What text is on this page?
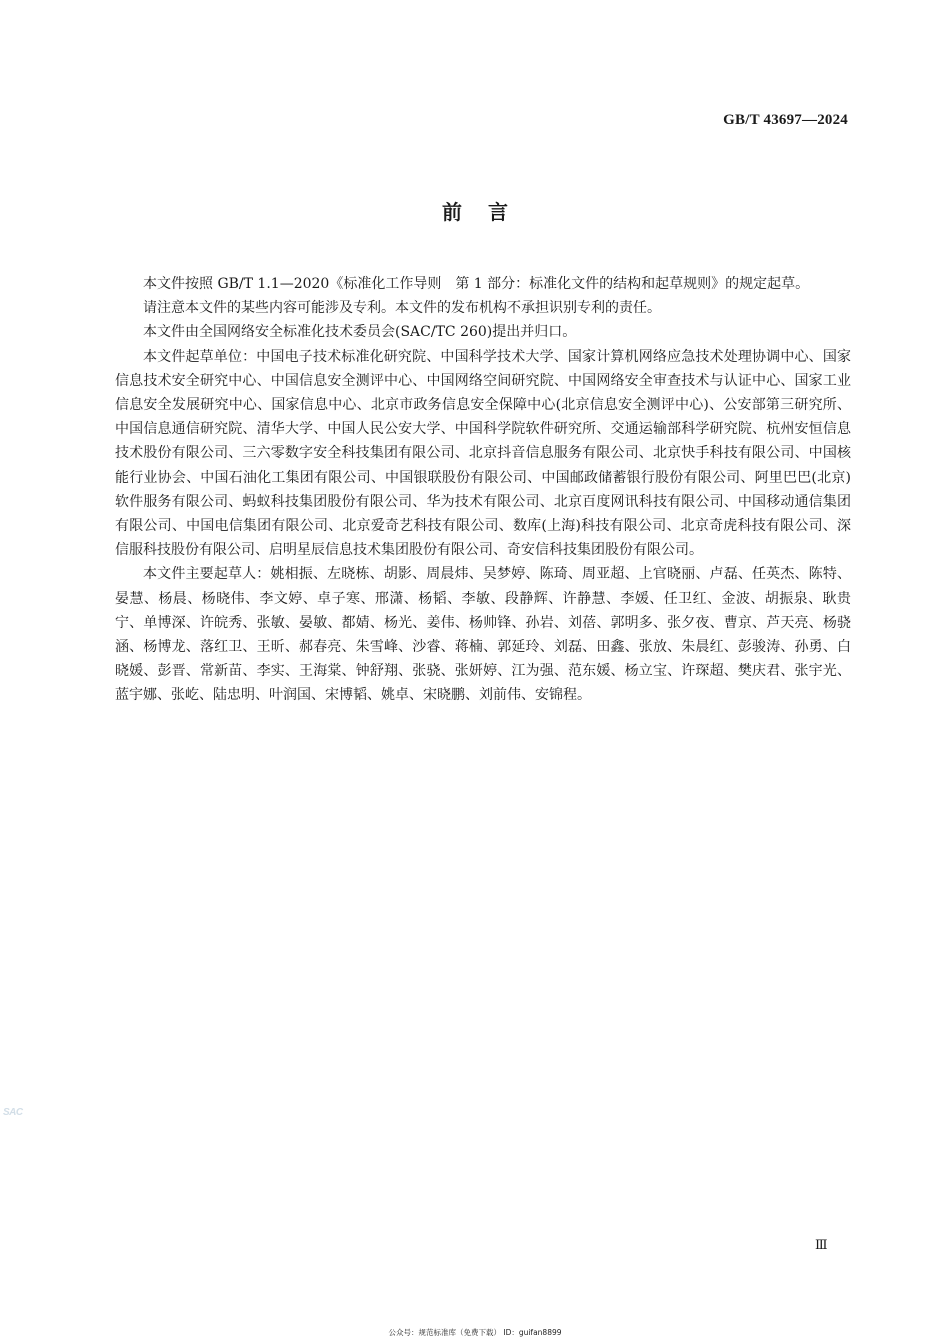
GB/T 43697—2024
前言

本文件按照 GB/T 1.1—2020《标准化工作导则　第 1 部分：标准化文件的结构和起草规则》的规定起草。

请注意本文件的某些内容可能涉及专利。本文件的发布机构不承担识别专利的责任。

本文件由全国网络安全标准化技术委员会(SAC/TC 260)提出并归口。

本文件起草单位：中国电子技术标准化研究院、中国科学技术大学、国家计算机网络应急技术处理协调中心、国家信息技术安全研究中心、中国信息安全测评中心、中国网络空间研究院、中国网络安全审查技术与认证中心、国家工业信息安全发展研究中心、国家信息中心、北京市政务信息安全保障中心(北京信息安全测评中心)、公安部第三研究所、中国信息通信研究院、清华大学、中国人民公安大学、中国科学院软件研究所、交通运输部科学研究院、杭州安恒信息技术股份有限公司、三六零数字安全科技集团有限公司、北京抖音信息服务有限公司、北京快手科技有限公司、中国核能行业协会、中国石油化工集团有限公司、中国银联股份有限公司、中国邮政储蓄银行股份有限公司、阿里巴巴(北京)软件服务有限公司、蚂蚁科技集团股份有限公司、华为技术有限公司、北京百度网讯科技有限公司、中国移动通信集团有限公司、中国电信集团有限公司、北京爱奇艺科技有限公司、数库(上海)科技有限公司、北京奇虎科技有限公司、深信服科技股份有限公司、启明星辰信息技术集团股份有限公司、奇安信科技集团股份有限公司。

本文件主要起草人：姚相振、左晓栋、胡影、周晨炜、吴梦婷、陈琦、周亚超、上官晓丽、卢磊、任英杰、陈特、晏慧、杨晨、杨晓伟、李文婷、卓子寒、邢潇、杨韬、李敏、段静辉、许静慧、李媛、任卫红、金波、胡振泉、耿贵宁、单博深、许皖秀、张敏、晏敏、都婧、杨光、姜伟、杨帅锋、孙岩、刘蓓、郭明多、张夕夜、曹京、芦天亮、杨骁涵、杨博龙、落红卫、王昕、郝春亮、朱雪峰、沙睿、蒋楠、郭延玲、刘磊、田鑫、张放、朱晨红、彭骏涛、孙勇、白晓媛、彭晋、常新苗、李实、王海棠、钟舒翔、张骁、张妍婷、江为强、范东媛、杨立宝、许琛超、樊庆君、张宇光、蓝宇娜、张屹、陆忠明、叶润国、宋博韬、姚卓、宋晓鹏、刘前伟、安锦程。

SAC
Ⅲ
公众号：规范标准库（免费下载） ID：guifan8899
